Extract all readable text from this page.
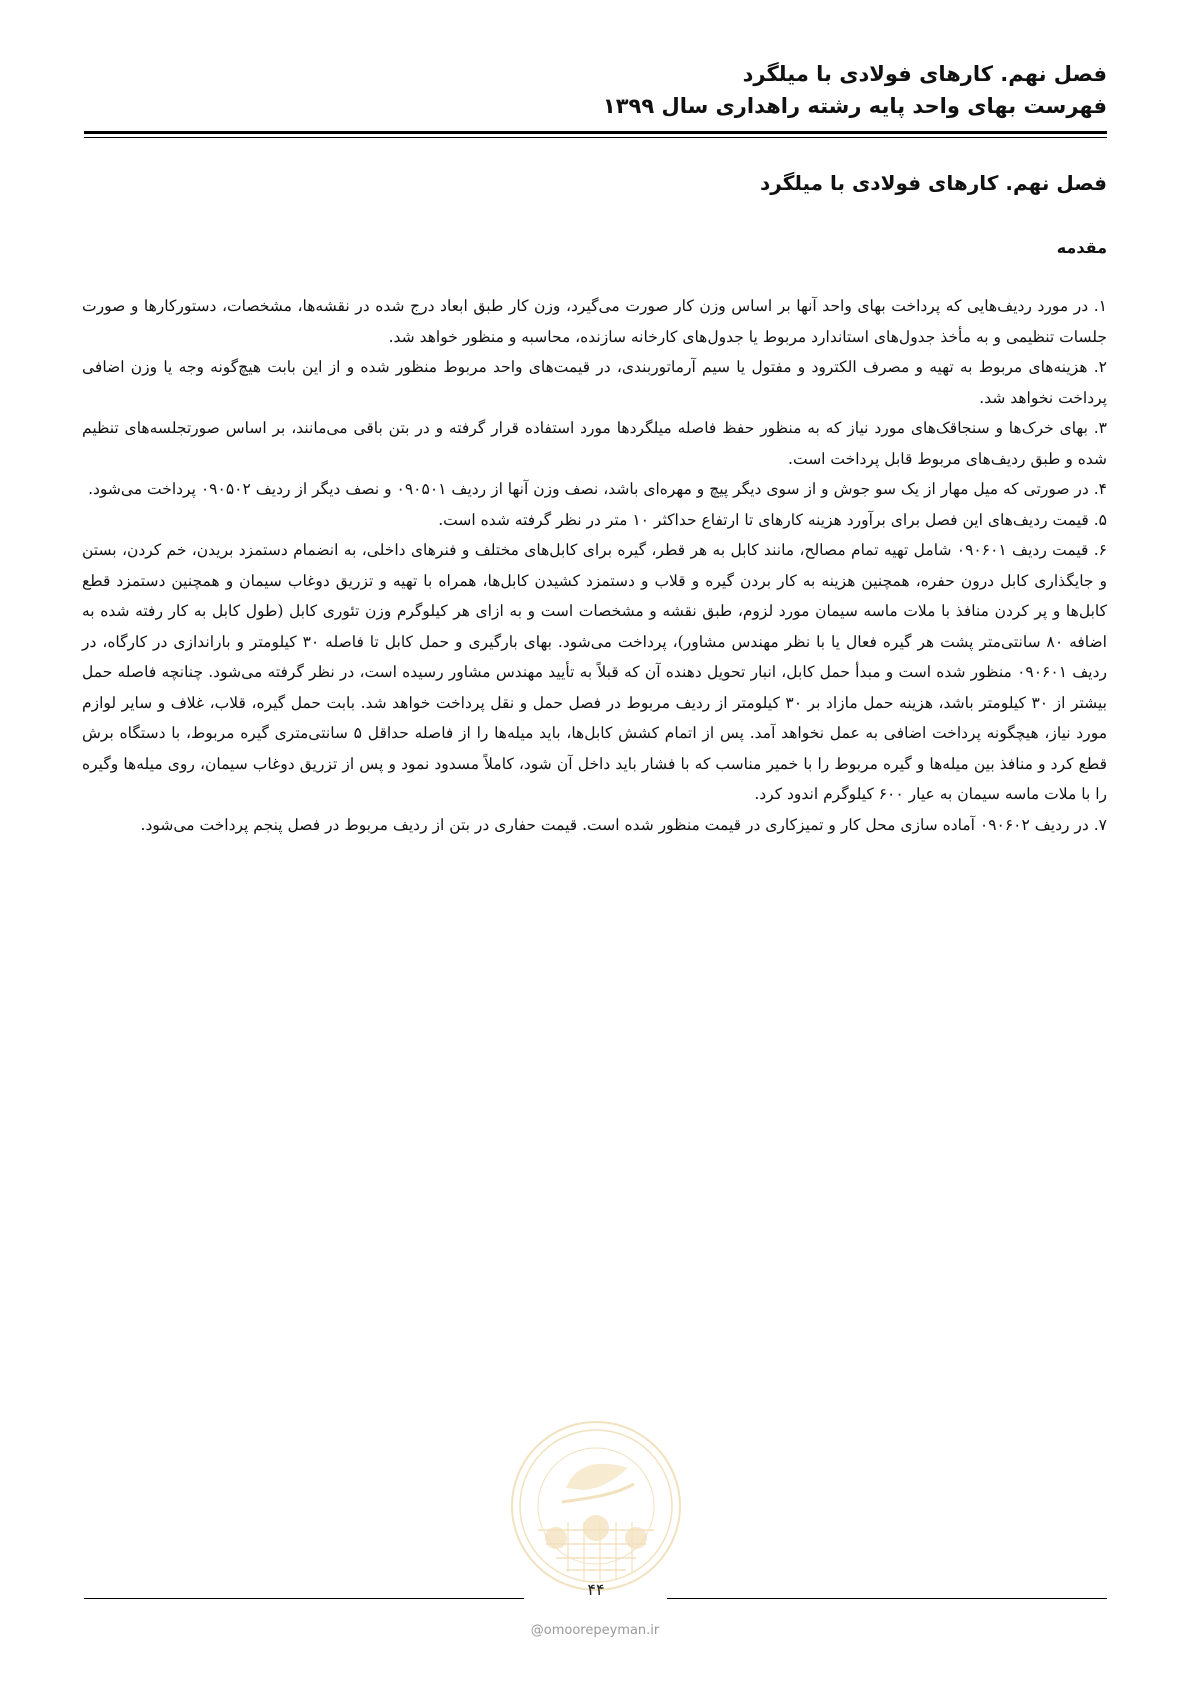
فصل نهم. کارهای فولادی با میلگرد
فهرست بهای واحد پایه رشته راهداری سال ۱۳۹۹
فصل نهم. کارهای فولادی با میلگرد
مقدمه

۱. در مورد ردیف‌هایی که پرداخت بهای واحد آنها بر اساس وزن کار صورت می‌گیرد، وزن کار طبق ابعاد درج شده در نقشه‌ها، مشخصات، دستورکارها و صورت جلسات تنظیمی و به مأخذ جدول‌های استاندارد مربوط یا جدول‌های کارخانه سازنده، محاسبه و منظور خواهد شد.

۲. هزینه‌های مربوط به تهیه و مصرف الکترود و مفتول یا سیم آرماتوربندی، در قیمت‌های واحد مربوط منظور شده و از این بابت هیچ‌گونه وجه یا وزن اضافی پرداخت نخواهد شد.

۳. بهای خرک‌ها و سنجاقک‌های مورد نیاز که به منظور حفظ فاصله میلگردها مورد استفاده قرار گرفته و در بتن باقی می‌مانند، بر اساس صورتجلسه‌های تنظیم شده و طبق ردیف‌های مربوط قابل پرداخت است.

۴. در صورتی که میل مهار از یک سو جوش و از سوی دیگر پیچ و مهره‌ای باشد، نصف وزن آنها از ردیف ۰۹۰۵۰۱ و نصف دیگر از ردیف ۰۹۰۵۰۲ پرداخت می‌شود.

۵. قیمت ردیف‌های این فصل برای برآورد هزینه کارهای تا ارتفاع حداکثر ۱۰ متر در نظر گرفته شده است.

۶. قیمت ردیف ۰۹۰۶۰۱ شامل تهیه تمام مصالح، مانند کابل به هر قطر، گیره برای کابل‌های مختلف و فنرهای داخلی، به انضمام دستمزد بریدن، خم کردن، بستن و جایگذاری کابل درون حفره، همچنین هزینه به کار بردن گیره و قلاب و دستمزد کشیدن کابل‌ها، همراه با تهیه و تزریق دوغاب سیمان و همچنین دستمزد قطع کابل‌ها و پر کردن منافذ با ملات ماسه سیمان مورد لزوم، طبق نقشه و مشخصات است و به ازای هر کیلوگرم وزن تئوری کابل (طول کابل به کار رفته شده به اضافه ۸۰ سانتی‌متر پشت هر گیره فعال یا با نظر مهندس مشاور)، پرداخت می‌شود. بهای بارگیری و حمل کابل تا فاصله ۳۰ کیلومتر و باراندازی در کارگاه، در ردیف ۰۹۰۶۰۱ منظور شده است و مبدأ حمل کابل، انبار تحویل دهنده آن که قبلاً به تأیید مهندس مشاور رسیده است، در نظر گرفته می‌شود. چنانچه فاصله حمل بیشتر از ۳۰ کیلومتر باشد، هزینه حمل مازاد بر ۳۰ کیلومتر از ردیف مربوط در فصل حمل و نقل پرداخت خواهد شد. بابت حمل گیره، قلاب، غلاف و سایر لوازم مورد نیاز، هیچگونه پرداخت اضافی به عمل نخواهد آمد. پس از اتمام کشش کابل‌ها، باید میله‌ها را از فاصله حداقل ۵ سانتی‌متری گیره مربوط، با دستگاه برش قطع کرد و منافذ بین میله‌ها و گیره مربوط را با خمیر مناسب که با فشار باید داخل آن شود، کاملاً مسدود نمود و پس از تزریق دوغاب سیمان، روی میله‌ها وگیره را با ملات ماسه سیمان به عیار ۶۰۰ کیلوگرم اندود کرد.

۷. در ردیف ۰۹۰۶۰۲ آماده سازی محل کار و تمیزکاری در قیمت منظور شده است. قیمت حفاری در بتن از ردیف مربوط در فصل پنجم پرداخت می‌شود.

۴۴
@omoorepeyman.ir
